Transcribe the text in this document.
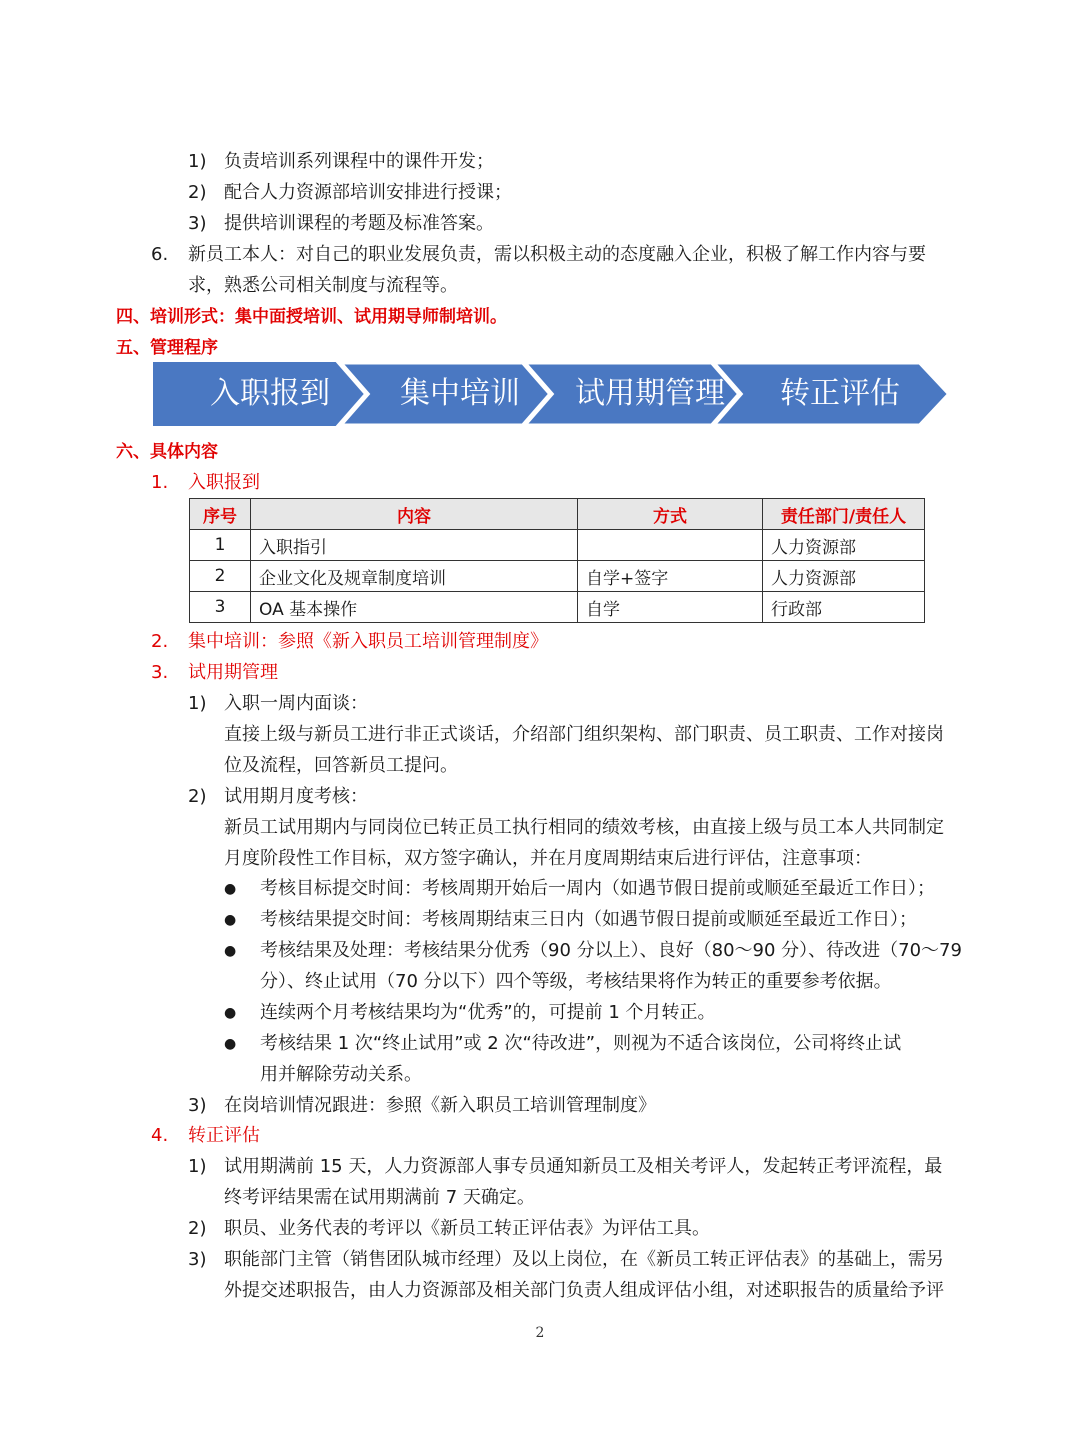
1) 负责培训系列课程中的课件开发；
2) 配合人力资源部培训安排进行授课；
3) 提供培训课程的考题及标准答案。
6. 新员工本人：对自己的职业发展负责，需以积极主动的态度融入企业，积极了解工作内容与要
求，熟悉公司相关制度与流程等。
四、培训形式：集中面授培训、试用期导师制培训。
五、管理程序
入职报到	集中培训	试用期管理	转正评估
六、具体内容
1. 入职报到
序号	内容	方式	责任部门/责任人
1	入职指引		人力资源部
2	企业文化及规章制度培训	自学+签字	人力资源部
3	OA 基本操作	自学	行政部
2. 集中培训：参照《新入职员工培训管理制度》
3. 试用期管理
1) 入职一周内面谈：
直接上级与新员工进行非正式谈话，介绍部门组织架构、部门职责、员工职责、工作对接岗
位及流程，回答新员工提问。
2) 试用期月度考核：
新员工试用期内与同岗位已转正员工执行相同的绩效考核，由直接上级与员工本人共同制定
月度阶段性工作目标，双方签字确认，并在月度周期结束后进行评估，注意事项：
●	考核目标提交时间：考核周期开始后一周内（如遇节假日提前或顺延至最近工作日）；
●	考核结果提交时间：考核周期结束三日内（如遇节假日提前或顺延至最近工作日）；
●	考核结果及处理：考核结果分优秀（90 分以上）、良好（80～90 分）、待改进（70～79
分）、终止试用（70 分以下）四个等级，考核结果将作为转正的重要参考依据。
●	连续两个月考核结果均为“优秀”的，可提前 1 个月转正。
●	考核结果 1 次“终止试用”或 2 次“待改进”，则视为不适合该岗位，公司将终止试
用并解除劳动关系。
3) 在岗培训情况跟进：参照《新入职员工培训管理制度》
4. 转正评估
1) 试用期满前 15 天，人力资源部人事专员通知新员工及相关考评人，发起转正考评流程，最
终考评结果需在试用期满前 7 天确定。
2) 职员、业务代表的考评以《新员工转正评估表》为评估工具。
3) 职能部门主管（销售团队城市经理）及以上岗位，在《新员工转正评估表》的基础上，需另
外提交述职报告，由人力资源部及相关部门负责人组成评估小组，对述职报告的质量给予评
2
